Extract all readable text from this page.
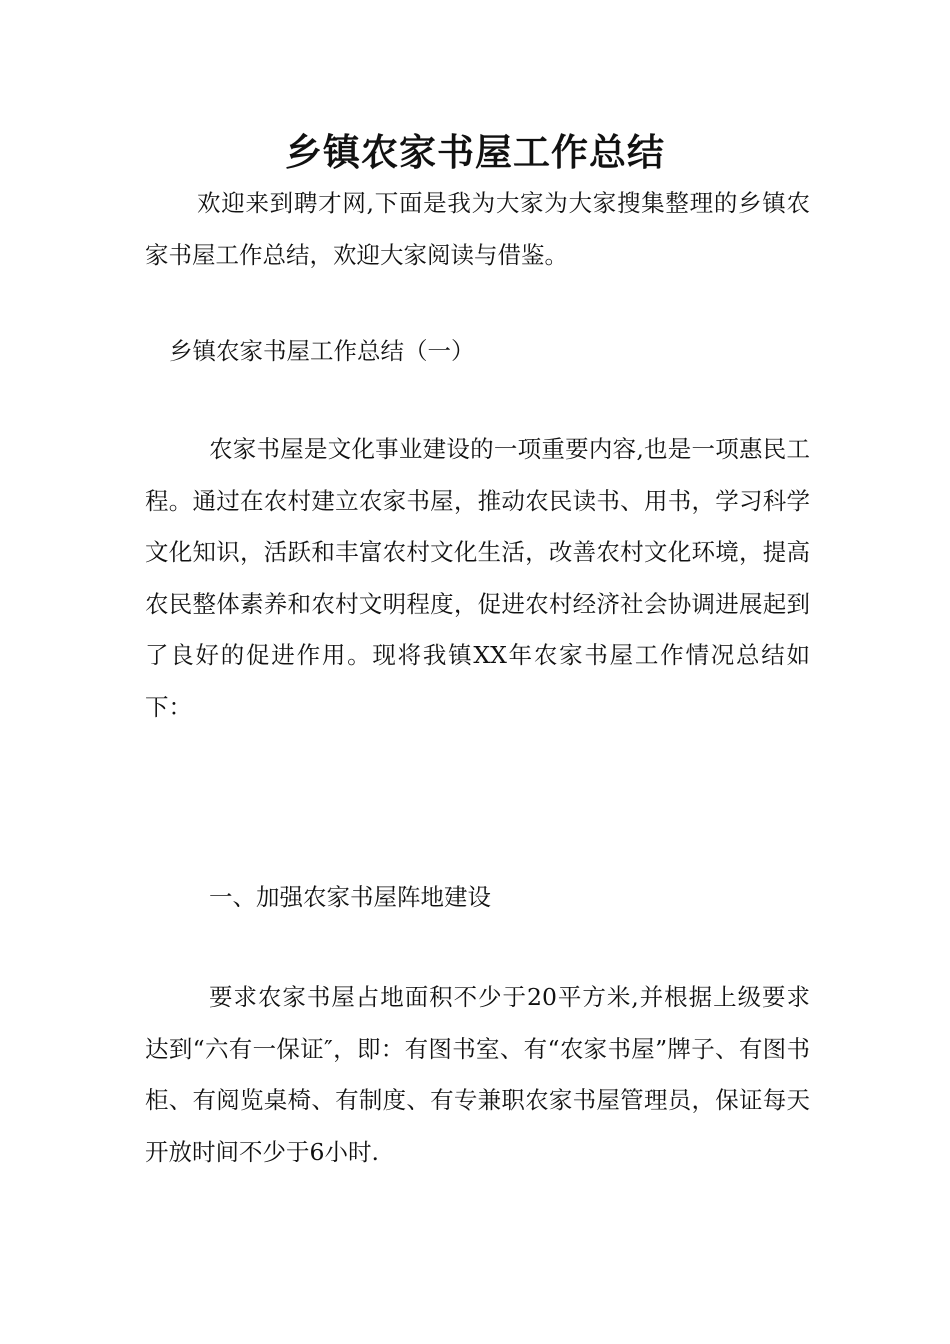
乡镇农家书屋工作总结

欢迎来到聘才网,下面是我为大家为大家搜集整理的乡镇农家书屋工作总结，欢迎大家阅读与借鉴。

乡镇农家书屋工作总结（一）

农家书屋是文化事业建设的一项重要内容,也是一项惠民工程。通过在农村建立农家书屋，推动农民读书、用书，学习科学文化知识，活跃和丰富农村文化生活，改善农村文化环境，提高农民整体素养和农村文明程度，促进农村经济社会协调进展起到了良好的促进作用。现将我镇XX年农家书屋工作情况总结如下：

一、加强农家书屋阵地建设

要求农家书屋占地面积不少于20平方米,并根据上级要求达到“六有一保证″，即：有图书室、有“农家书屋”牌子、有图书柜、有阅览桌椅、有制度、有专兼职农家书屋管理员，保证每天开放时间不少于6小时.
